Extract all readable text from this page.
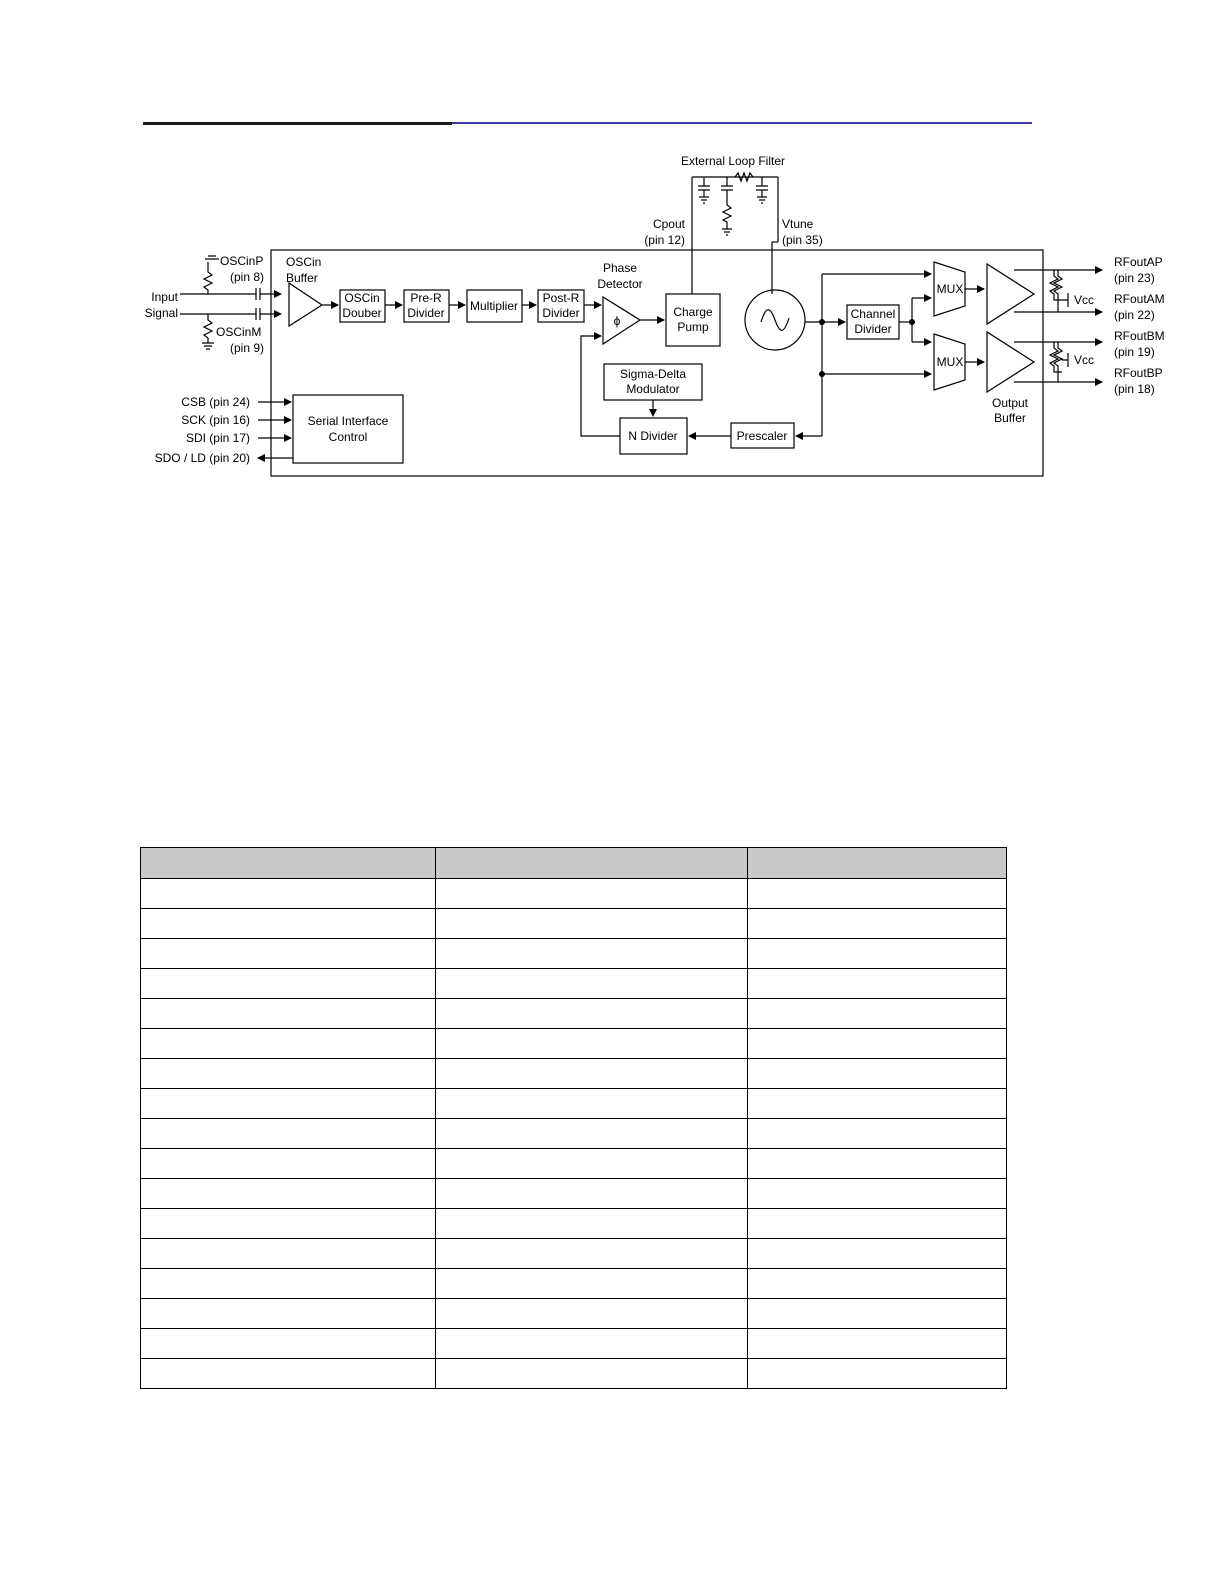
External Loop Filter
Cpout
(pin 12)
Vtune
(pin 35)
OSCinP
(pin 8)
OSCinM
(pin 9)
Input
Signal
OSCin
Buffer
OSCin
Douber
Pre-R
Divider Multiplier
Post-R
Divider
Phase
Detector
ϕ
Charge
Pump
Channel
Divider
MUX
MUX
Output
Buffer
Vcc
Vcc
RFoutAP
(pin 23)
RFoutAM
(pin 22)
RFoutBM
(pin 19)
RFoutBP
(pin 18)
Sigma-Delta
Modulator
N Divider	Prescaler
Serial Interface
Control
CSB (pin 24)
SCK (pin 16)
SDI (pin 17)
SDO / LD (pin 20)
